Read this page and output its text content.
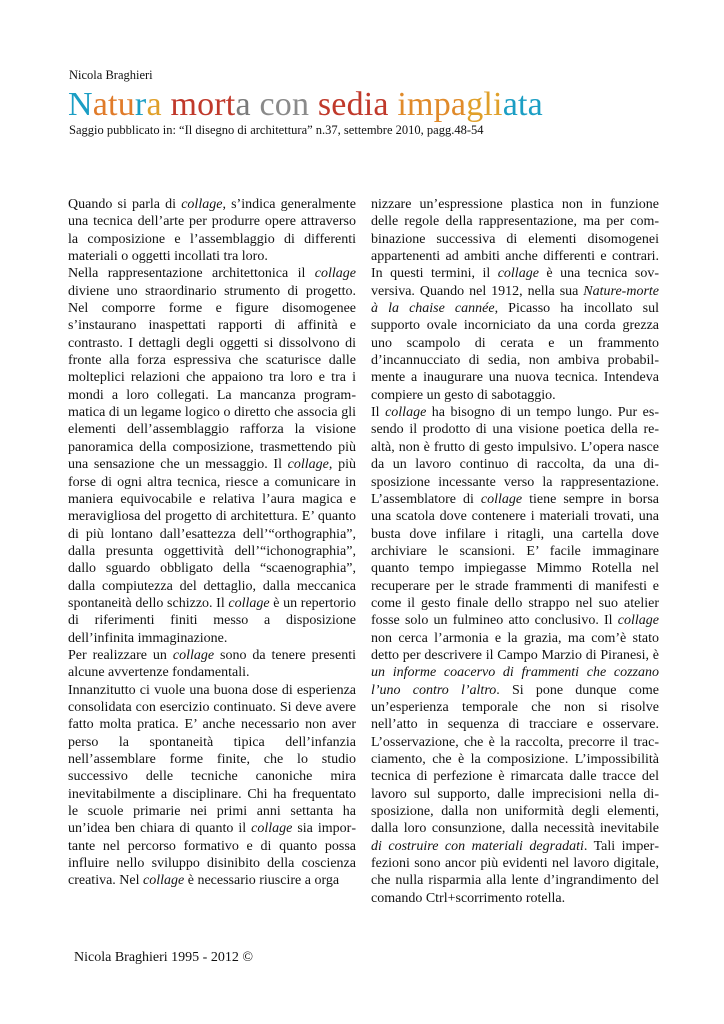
Nicola Braghieri
Natura morta con sedia impagliata
Saggio pubblicato in: “Il disegno di architettura” n.37, settembre 2010, pagg.48-54

Quando si parla di collage, s’indica generalmente una tecnica dell’arte per produrre opere attraverso la composizione e l’assemblaggio di differenti materiali o oggetti incollati tra loro.

Nella rappresentazione architettonica il collage diviene uno straordinario strumento di progetto. Nel comporre forme e figure disomogenee s’instaurano inaspettati rapporti di affinità e contrasto. I dettagli degli oggetti si dissolvono di fronte alla forza espressiva che scaturisce dalle molteplici relazioni che appaiono tra loro e tra i mondi a loro collegati. La mancanza programmatica di un legame logico o diretto che associa gli elementi dell’assemblaggio rafforza la visione panoramica della composizione, trasmettendo più una sensazione che un messaggio. Il collage, più forse di ogni altra tecnica, riesce a comunicare in maniera equivocabile e relativa l’aura magica e meravigliosa del progetto di architettura. E’ quanto di più lontano dall’esattezza dell’“orthographia”, dalla presunta oggettività dell’“ichonographia”, dallo sguardo obbligato della “scaenographia”, dalla compiutezza del dettaglio, dalla meccanica spontaneità dello schizzo. Il collage è un repertorio di riferimenti finiti messo a disposizione dell’infinita immaginazione.

Per realizzare un collage sono da tenere presenti alcune avvertenze fondamentali.

Innanzitutto ci vuole una buona dose di esperienza consolidata con esercizio continuato. Si deve avere fatto molta pratica. E’ anche necessario non aver perso la spontaneità tipica dell’infanzia nell’assemblare forme finite, che lo studio successivo delle tecniche canoniche mira inevitabilmente a disciplinare. Chi ha frequentato le scuole primarie nei primi anni settanta ha un’idea ben chiara di quanto il collage sia importante nel percorso formativo e di quanto possa influire nello sviluppo disinibito della coscienza creativa. Nel collage è necessario riuscire a orga

nizzare un’espressione plastica non in funzione delle regole della rappresentazione, ma per combinazione successiva di elementi disomogenei appartenenti ad ambiti anche differenti e contrari. In questi termini, il collage è una tecnica sovversiva. Quando nel 1912, nella sua Nature-morte à la chaise cannée, Picasso ha incollato sul supporto ovale incorniciato da una corda grezza uno scampolo di cerata e un frammento d’incannucciato di sedia, non ambiva probabilmente a inaugurare una nuova tecnica. Intendeva compiere un gesto di sabotaggio.

Il collage ha bisogno di un tempo lungo. Pur essendo il prodotto di una visione poetica della realtà, non è frutto di gesto impulsivo. L’opera nasce da un lavoro continuo di raccolta, da una disposizione incessante verso la rappresentazione. L’assemblatore di collage tiene sempre in borsa una scatola dove contenere i materiali trovati, una busta dove infilare i ritagli, una cartella dove archiviare le scansioni. E’ facile immaginare quanto tempo impiegasse Mimmo Rotella nel recuperare per le strade frammenti di manifesti e come il gesto finale dello strappo nel suo atelier fosse solo un fulmineo atto conclusivo. Il collage non cerca l’armonia e la grazia, ma com’è stato detto per descrivere il Campo Marzio di Piranesi, è un informe coacervo di frammenti che cozzano l’uno contro l’altro. Si pone dunque come un’esperienza temporale che non si risolve nell’atto in sequenza di tracciare e osservare. L’osservazione, che è la raccolta, precorre il tracciamento, che è la composizione. L’impossibilità tecnica di perfezione è rimarcata dalle tracce del lavoro sul supporto, dalle imprecisioni nella disposizione, dalla non uniformità degli elementi, dalla loro consunzione, dalla necessità inevitabile di costruire con materiali degradati. Tali imperfezioni sono ancor più evidenti nel lavoro digitale, che nulla risparmia alla lente d’ingrandimento del comando Ctrl+scorrimento rotella.

Nicola Braghieri 1995 - 2012 ©
